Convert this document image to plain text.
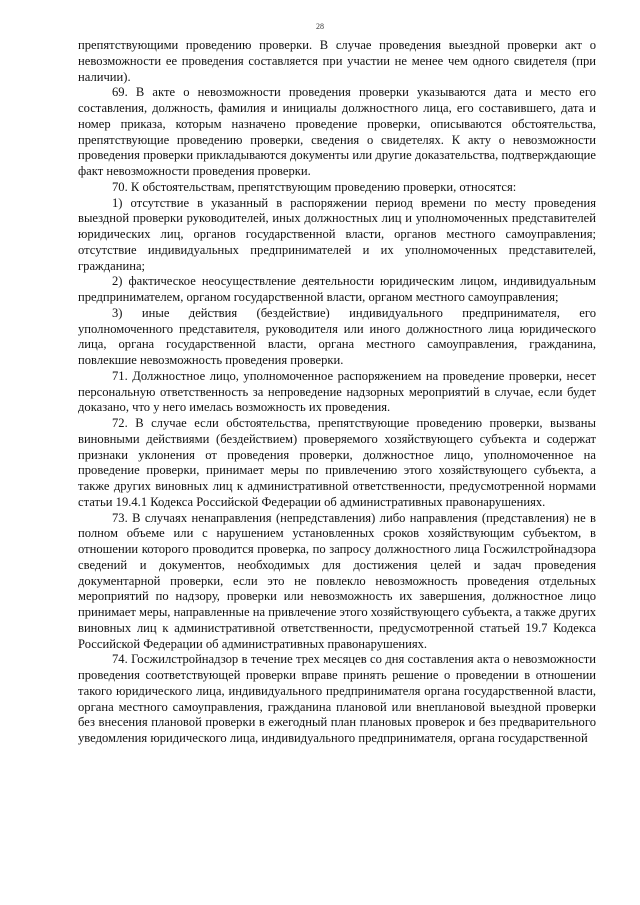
28

препятствующими проведению проверки. В случае проведения выездной проверки акт о невозможности ее проведения составляется при участии не менее чем одного свидетеля (при наличии).

69. В акте о невозможности проведения проверки указываются дата и место его составления, должность, фамилия и инициалы должностного лица, его составившего, дата и номер приказа, которым назначено проведение проверки, описываются обстоятельства, препятствующие проведению проверки, сведения о свидетелях. К акту о невозможности проведения проверки прикладываются документы или другие доказательства, подтверждающие факт невозможности проведения проверки.

70. К обстоятельствам, препятствующим проведению проверки, относятся:

1) отсутствие в указанный в распоряжении период времени по месту проведения выездной проверки руководителей, иных должностных лиц и уполномоченных представителей юридических лиц, органов государственной власти, органов местного самоуправления; отсутствие индивидуальных предпринимателей и их уполномоченных представителей, гражданина;

2) фактическое неосуществление деятельности юридическим лицом, индивидуальным предпринимателем, органом государственной власти, органом местного самоуправления;

3) иные действия (бездействие) индивидуального предпринимателя, его уполномоченного представителя, руководителя или иного должностного лица юридического лица, органа государственной власти, органа местного самоуправления, гражданина, повлекшие невозможность проведения проверки.

71. Должностное лицо, уполномоченное распоряжением на проведение проверки, несет персональную ответственность за непроведение надзорных мероприятий в случае, если будет доказано, что у него имелась возможность их проведения.

72. В случае если обстоятельства, препятствующие проведению проверки, вызваны виновными действиями (бездействием) проверяемого хозяйствующего субъекта и содержат признаки уклонения от проведения проверки, должностное лицо, уполномоченное на проведение проверки, принимает меры по привлечению этого хозяйствующего субъекта, а также других виновных лиц к административной ответственности, предусмотренной нормами статьи 19.4.1 Кодекса Российской Федерации об административных правонарушениях.

73. В случаях ненаправления (непредставления) либо направления (представления) не в полном объеме или с нарушением установленных сроков хозяйствующим субъектом, в отношении которого проводится проверка, по запросу должностного лица Госжилстройнадзора сведений и документов, необходимых для достижения целей и задач проведения документарной проверки, если это не повлекло невозможность проведения отдельных мероприятий по надзору, проверки или невозможность их завершения, должностное лицо принимает меры, направленные на привлечение этого хозяйствующего субъекта, а также других виновных лиц к административной ответственности, предусмотренной статьей 19.7 Кодекса Российской Федерации об административных правонарушениях.

74. Госжилстройнадзор в течение трех месяцев со дня составления акта о невозможности проведения соответствующей проверки вправе принять решение о проведении в отношении такого юридического лица, индивидуального предпринимателя органа государственной власти, органа местного самоуправления, гражданина плановой или внеплановой выездной проверки без внесения плановой проверки в ежегодный план плановых проверок и без предварительного уведомления юридического лица, индивидуального предпринимателя, органа государственной
